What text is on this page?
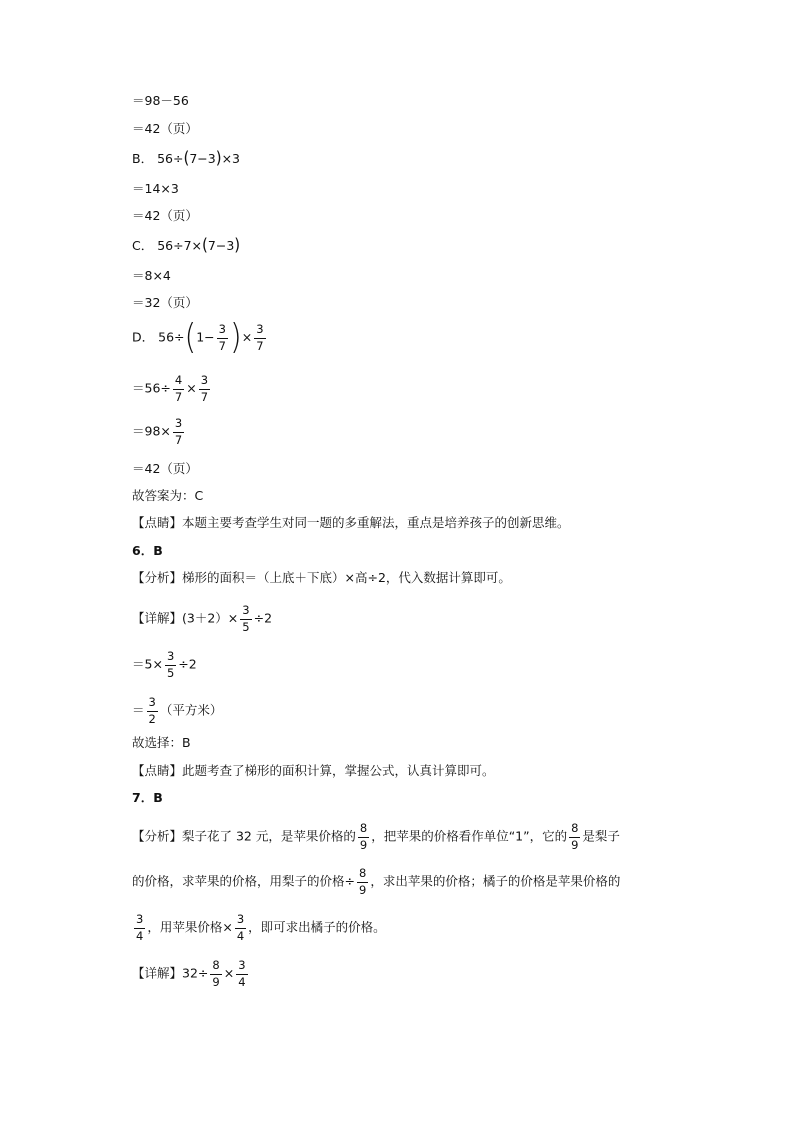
＝98－56
＝42（页）
B． 56÷(7−3)×3
＝14×3
＝42（页）
C． 56÷7×(7−3)
＝8×4
＝32（页）
D． $56\div(1- \frac{3}{7}$ )× $\frac{3}{7}$
$=56\div \frac{4}{7} \times \frac{3}{7}$
$=98\times \frac{3}{7}$
＝42（页）
故答案为：C
【点睛】本题主要考查学生对同一题的多重解法，重点是培养孩子的创新思维。
6．B
【分析】梯形的面积＝（上底＋下底）×高÷2，代入数据计算即可。
【详解】$(3+2)\times \frac{3}{5} \div 2$
$=5\times \frac{3}{5} \div 2$
＝ $\frac{3}{2}$ （平方米）
故选择：B
【点睛】此题考查了梯形的面积计算，掌握公式，认真计算即可。
7．B
【分析】梨子花了 32 元，是苹果价格的 $\frac{8}{9}$ ，把苹果的价格看作单位“1”，它的 $\frac{8}{9}$ 是梨子
的价格，求苹果的价格，用梨子的价格÷ $\frac{8}{9}$ ，求出苹果的价格；橘子的价格是苹果价格的
$\frac{3}{4}$ ，用苹果价格× $\frac{3}{4}$ ，即可求出橘子的价格。
【详解】$32\div \frac{8}{9} \times \frac{3}{4}$
